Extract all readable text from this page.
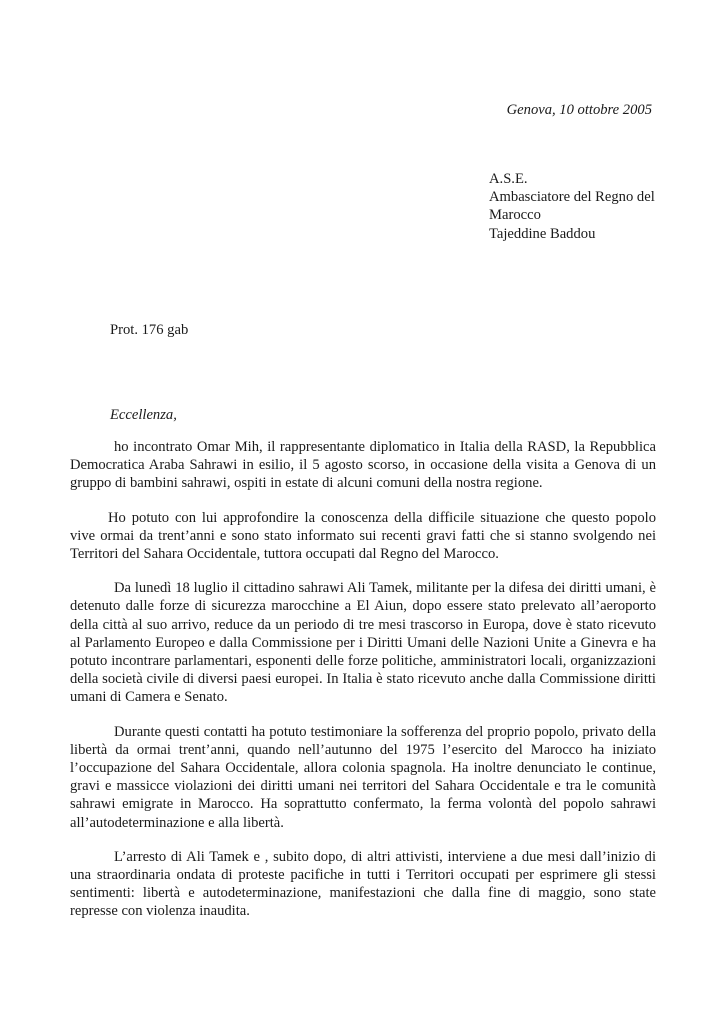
Genova, 10 ottobre 2005
A.S.E.
Ambasciatore del Regno del
Marocco
Tajeddine Baddou
Prot. 176 gab
Eccellenza,

ho incontrato Omar Mih, il rappresentante diplomatico in Italia della RASD, la Repubblica Democratica Araba Sahrawi in esilio, il 5 agosto scorso, in occasione della visita a Genova di un gruppo di bambini sahrawi, ospiti in estate di alcuni comuni della nostra regione.

Ho potuto con lui approfondire la conoscenza della difficile situazione che questo popolo vive ormai da trent’anni e sono stato informato sui recenti gravi fatti che si stanno svolgendo nei Territori del Sahara Occidentale, tuttora occupati dal Regno del Marocco.

Da lunedì 18 luglio il cittadino sahrawi Ali Tamek, militante per la difesa dei diritti umani, è detenuto dalle forze di sicurezza marocchine a El Aiun, dopo essere stato prelevato all’aeroporto della città al suo arrivo, reduce da un periodo di tre mesi trascorso in Europa, dove è stato ricevuto al Parlamento Europeo e dalla Commissione per i Diritti Umani delle Nazioni Unite a Ginevra e ha potuto incontrare parlamentari, esponenti delle forze politiche, amministratori locali, organizzazioni della società civile di diversi paesi europei. In Italia è stato ricevuto anche dalla Commissione diritti umani di Camera e Senato.

Durante questi contatti ha potuto testimoniare la sofferenza del proprio popolo, privato della libertà da ormai trent’anni, quando nell’autunno del 1975 l’esercito del Marocco ha iniziato l’occupazione del Sahara Occidentale, allora colonia spagnola. Ha inoltre denunciato le continue, gravi e massicce violazioni dei diritti umani nei territori del Sahara Occidentale e tra le comunità sahrawi emigrate in Marocco. Ha soprattutto confermato, la ferma volontà del popolo sahrawi all’autodeterminazione e alla libertà.

L’arresto di Ali Tamek e , subito dopo, di altri attivisti, interviene a due mesi dall’inizio di una straordinaria ondata di proteste pacifiche in tutti i Territori occupati per esprimere gli stessi sentimenti: libertà e autodeterminazione, manifestazioni che dalla fine di maggio, sono state represse con violenza inaudita.
